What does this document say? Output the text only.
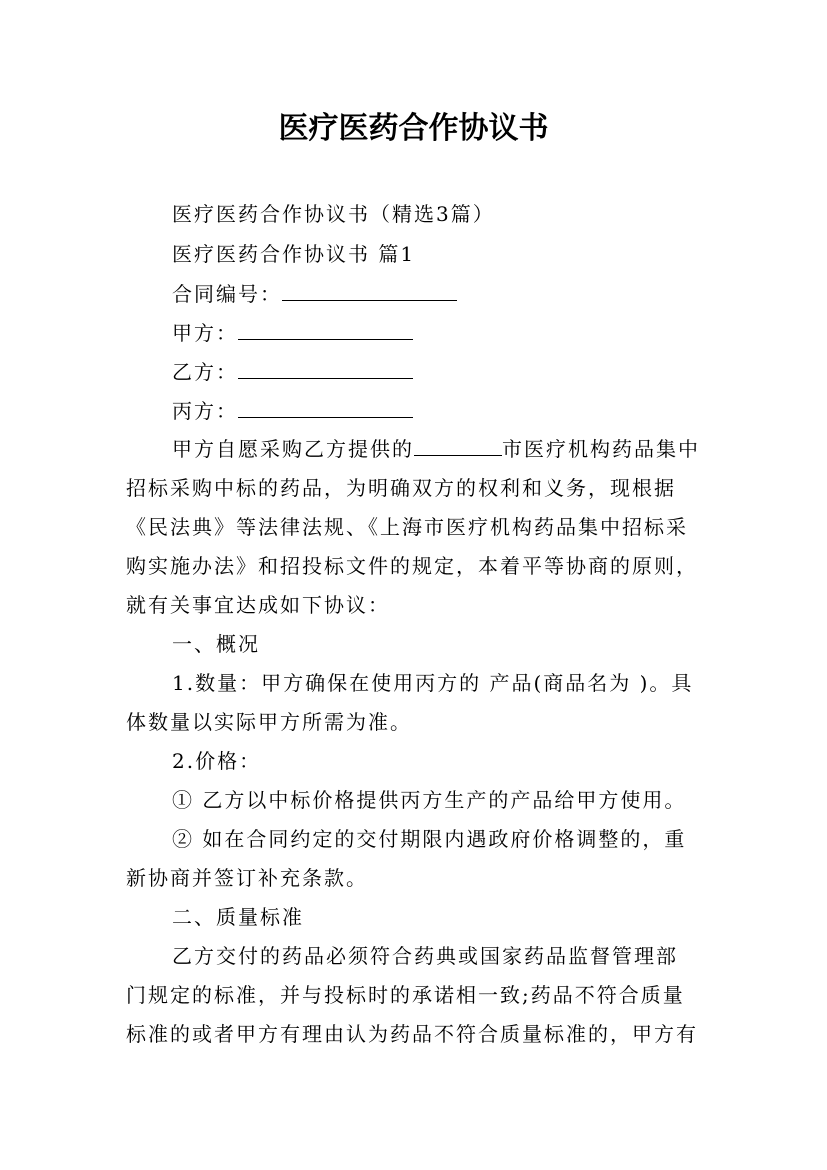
医疗医药合作协议书
医疗医药合作协议书（精选3篇）
医疗医药合作协议书 篇1
合同编号：
甲方：
乙方：
丙方：
甲方自愿采购乙方提供的	市医疗机构药品集中
招标采购中标的药品，为明确双方的权利和义务，现根据
《民法典》等法律法规、《上海市医疗机构药品集中招标采
购实施办法》和招投标文件的规定，本着平等协商的原则，
就有关事宜达成如下协议：
一、概况
1.数量：甲方确保在使用丙方的 产品(商品名为 )。具
体数量以实际甲方所需为准。
2.价格：
① 乙方以中标价格提供丙方生产的产品给甲方使用。
② 如在合同约定的交付期限内遇政府价格调整的，重
新协商并签订补充条款。
二、质量标准
乙方交付的药品必须符合药典或国家药品监督管理部
门规定的标准，并与投标时的承诺相一致;药品不符合质量
标准的或者甲方有理由认为药品不符合质量标准的，甲方有
